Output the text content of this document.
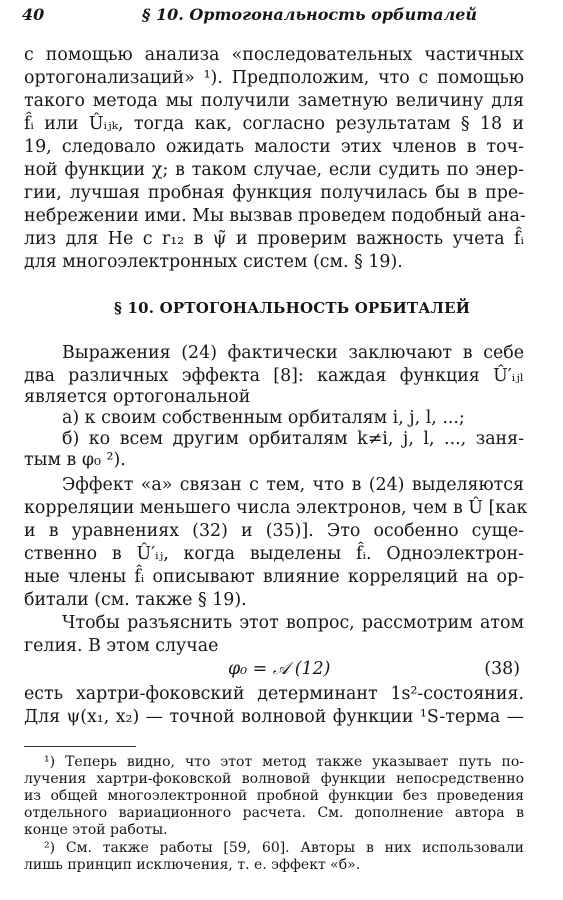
40	§ 10. Ортогональность орбиталей

с помощью анализа «последовательных частичных

ортогонализаций» ¹). Предположим, что с помощью

такого метода мы получили заметную величину для

f̂ᵢ или Ûᵢⱼₖ, тогда как, согласно результатам § 18 и

19, следовало ожидать малости этих членов в точ-

ной функции χ; в таком случае, если судить по энер-

гии, лучшая пробная функция получилась бы в пре-

небрежении ими. Мы вызвав проведем подобный ана-

лиз для He с r₁₂ в ψ̃ и проверим важность учета f̂ᵢ

для многоэлектронных систем (см. § 19).

§ 10. ОРТОГОНАЛЬНОСТЬ ОРБИТАЛЕЙ

Выражения (24) фактически заключают в себе

два различных эффекта [8]: каждая функция Û′ᵢⱼₗ

является ортогональной

а) к своим собственным орбиталям i, j, l, ...;

б) ко всем другим орбиталям k≠i, j, l, ..., заня-

тым в φ₀ ²).

Эффект «а» связан с тем, что в (24) выделяются

корреляции меньшего числа электронов, чем в Û [как

и в уравнениях (32) и (35)]. Это особенно суще-

ственно в Û′ᵢⱼ, когда выделены f̂ᵢ. Одноэлектрон-

ные члены f̂ᵢ описывают влияние корреляций на ор-

битали (см. также § 19).

Чтобы разъяснить этот вопрос, рассмотрим атом

гелия. В этом случае

φ₀ = 𝒜 (12)	(38)

есть хартри-фоковский детерминант 1s²-состояния.

Для ψ(x₁, x₂) — точной волновой функции ¹S-терма —

¹) Теперь видно, что этот метод также указывает путь по-

лучения хартри-фоковской волновой функции непосредственно

из общей многоэлектронной пробной функции без проведения

отдельного вариационного расчета. См. дополнение автора в

конце этой работы.

²) См. также работы [59, 60]. Авторы в них использовали

лишь принцип исключения, т. е. эффект «б».
